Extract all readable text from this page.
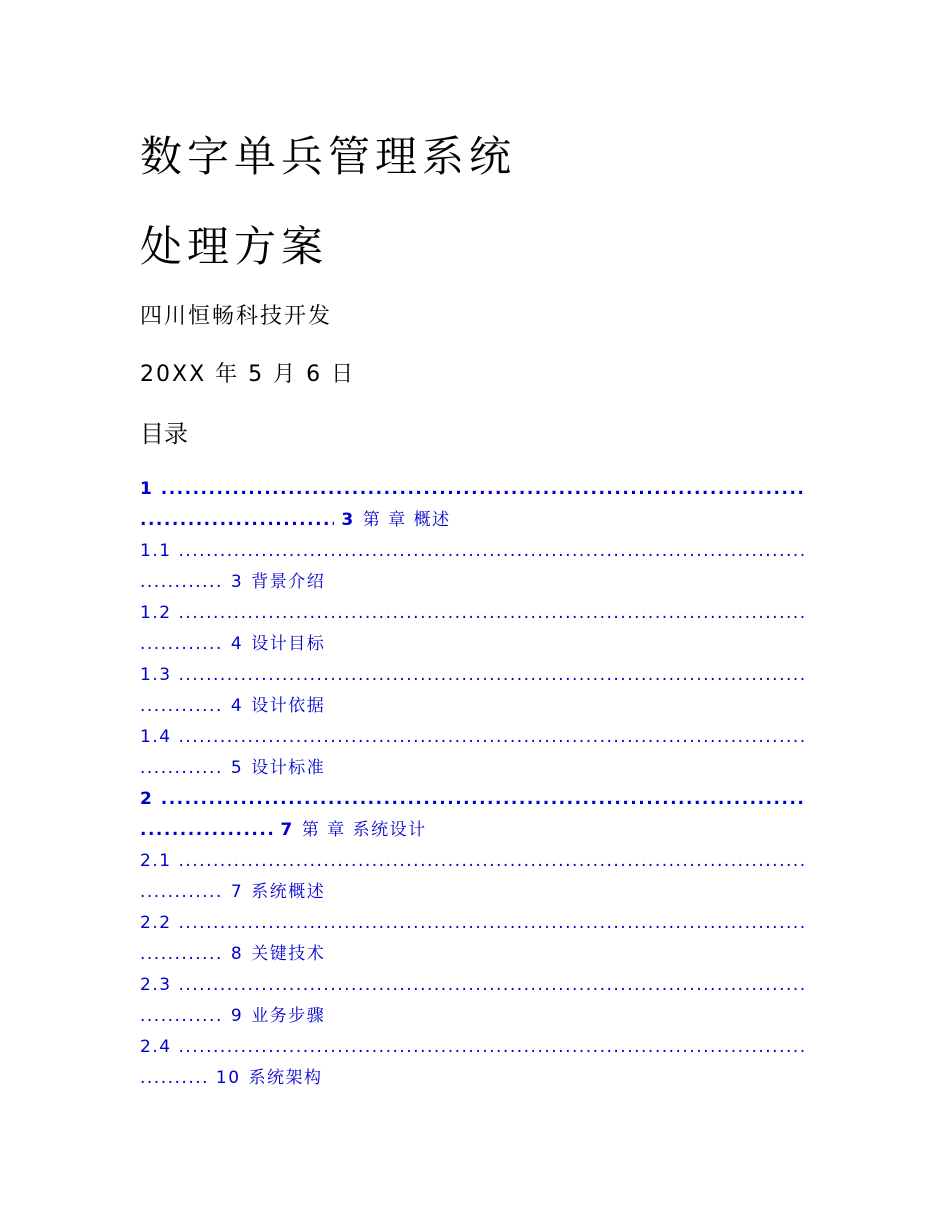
数字单兵管理系统
处理方案
四川恒畅科技开发
20XX 年 5 月 6 日
目录
1 .....
..... 3 第 章 概述
1.1 .....
..... 3 背景介绍
1.2 .....
..... 4 设计目标
1.3 .....
..... 4 设计依据
1.4 .....
..... 5 设计标准
2 .....
..... 7 第 章 系统设计
2.1 .....
..... 7 系统概述
2.2 .....
..... 8 关键技术
2.3 .....
..... 9 业务步骤
2.4 .....
..... 10 系统架构
